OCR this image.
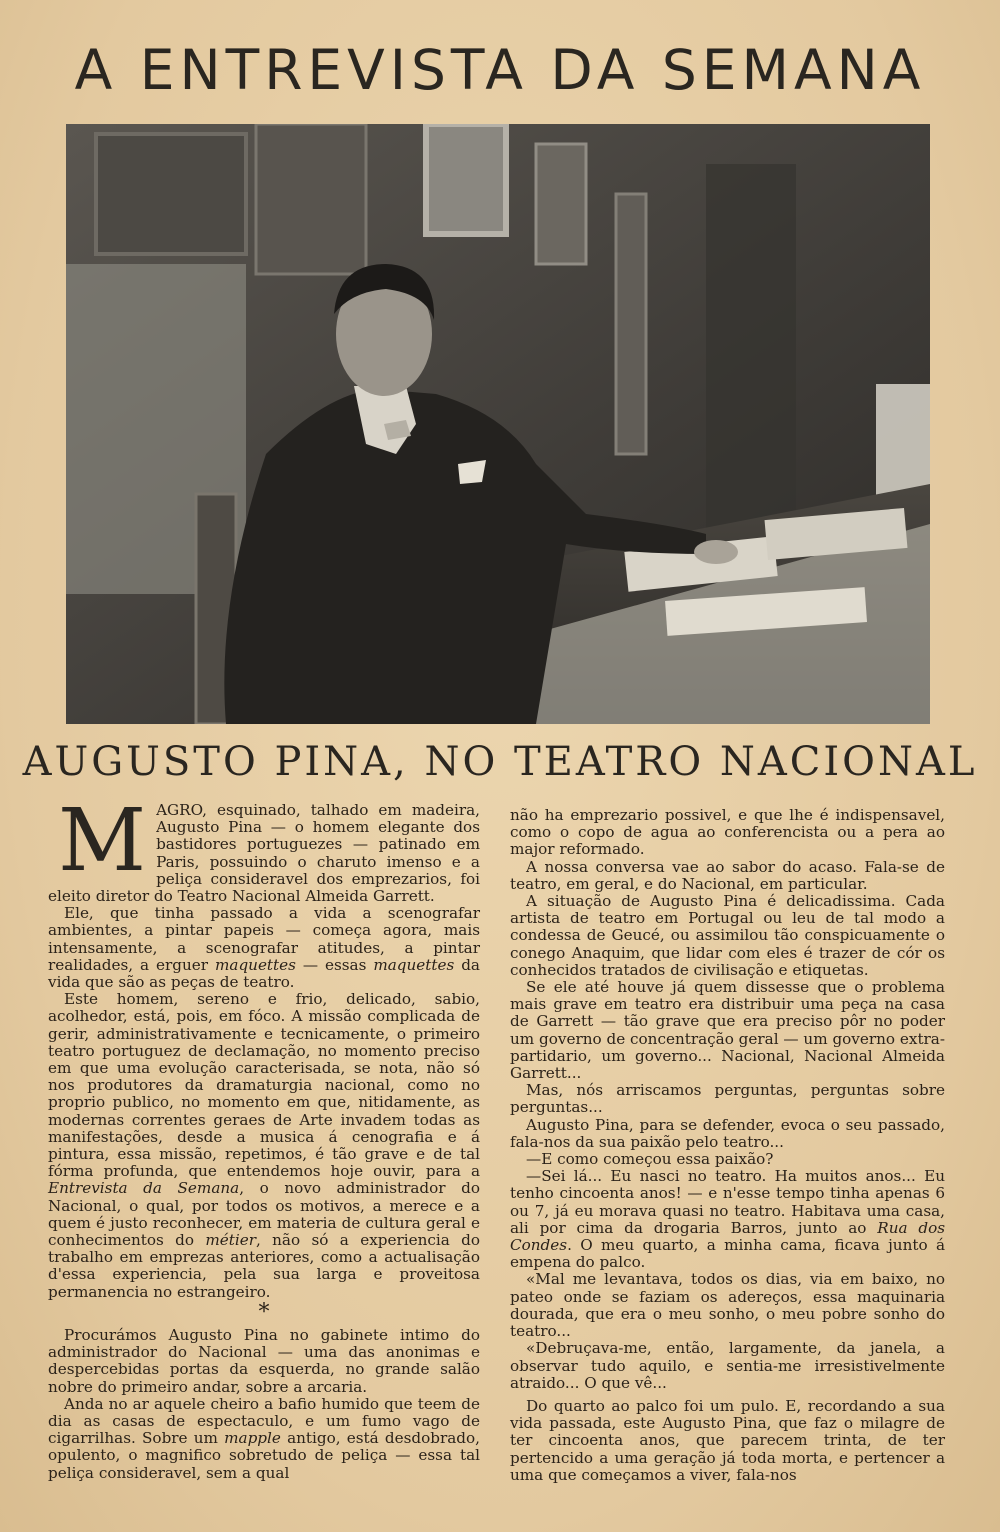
A ENTREVISTA DA SEMANA
AUGUSTO PINA, NO TEATRO NACIONAL

MAGRO, esquinado, talhado em madeira, Augusto Pina — o homem elegante dos bastidores portuguezes — patinado em Paris, possuindo o charuto imenso e a peliça consideravel dos emprezarios, foi eleito diretor do Teatro Nacional Almeida Garrett.

Ele, que tinha passado a vida a scenografar ambientes, a pintar papeis — começa agora, mais intensamente, a scenografar atitudes, a pintar realidades, a erguer maquettes — essas maquettes da vida que são as peças de teatro.

Este homem, sereno e frio, delicado, sabio, acolhedor, está, pois, em fóco. A missão complicada de gerir, administrativamente e tecnicamente, o primeiro teatro portuguez de declamação, no momento preciso em que uma evolução caracterisada, se nota, não só nos produtores da dramaturgia nacional, como no proprio publico, no momento em que, nitidamente, as modernas correntes geraes de Arte invadem todas as manifestações, desde a musica á cenografia e á pintura, essa missão, repetimos, é tão grave e de tal fórma profunda, que entendemos hoje ouvir, para a Entrevista da Semana, o novo administrador do Nacional, o qual, por todos os motivos, a merece e a quem é justo reconhecer, em materia de cultura geral e conhecimentos do métier, não só a experiencia do trabalho em emprezas anteriores, como a actualisação d'essa experiencia, pela sua larga e proveitosa permanencia no estrangeiro.

*

Procurámos Augusto Pina no gabinete intimo do administrador do Nacional — uma das anonimas e despercebidas portas da esquerda, no grande salão nobre do primeiro andar, sobre a arcaria.

Anda no ar aquele cheiro a bafio humido que teem de dia as casas de espectaculo, e um fumo vago de cigarrilhas. Sobre um mapple antigo, está desdobrado, opulento, o magnifico sobretudo de peliça — essa tal peliça consideravel, sem a qual

não ha emprezario possivel, e que lhe é indispensavel, como o copo de agua ao conferencista ou a pera ao major reformado.

A nossa conversa vae ao sabor do acaso. Fala-se de teatro, em geral, e do Nacional, em particular.

A situação de Augusto Pina é delicadissima. Cada artista de teatro em Portugal ou leu de tal modo a condessa de Geucé, ou assimilou tão conspicuamente o conego Anaquim, que lidar com eles é trazer de cór os conhecidos tratados de civilisação e etiquetas.

Se ele até houve já quem dissesse que o problema mais grave em teatro era distribuir uma peça na casa de Garrett — tão grave que era preciso pôr no poder um governo de concentração geral — um governo extra-partidario, um governo... Nacional, Nacional Almeida Garrett...

Mas, nós arriscamos perguntas, perguntas sobre perguntas...

Augusto Pina, para se defender, evoca o seu passado, fala-nos da sua paixão pelo teatro...

—E como começou essa paixão?

—Sei lá... Eu nasci no teatro. Ha muitos anos... Eu tenho cincoenta anos! — e n'esse tempo tinha apenas 6 ou 7, já eu morava quasi no teatro. Habitava uma casa, ali por cima da drogaria Barros, junto ao Rua dos Condes. O meu quarto, a minha cama, ficava junto á empena do palco.

«Mal me levantava, todos os dias, via em baixo, no pateo onde se faziam os adereços, essa maquinaria dourada, que era o meu sonho, o meu pobre sonho do teatro...

«Debruçava-me, então, largamente, da janela, a observar tudo aquilo, e sentia-me irresistivelmente atraido... O que vê...

Do quarto ao palco foi um pulo. E, recordando a sua vida passada, este Augusto Pina, que faz o milagre de ter cincoenta anos, que parecem trinta, de ter pertencido a uma geração já toda morta, e pertencer a uma que começamos a viver, fala-nos
